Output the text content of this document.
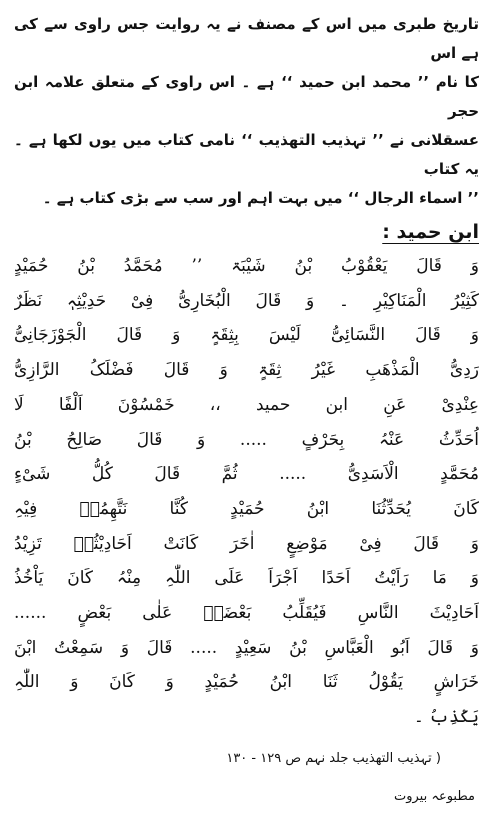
تاریخ طبری میں اس کے مصنف نے یہ روایت جس راوی سے کی ہے اس

کا نام ’’ محمد ابن حمید ‘‘ ہے ۔ اس راوی کے متعلق علامہ ابن حجر

عسقلانی نے ’’ تہذیب التھذیب ‘‘ نامی کتاب میں یوں لکھا ہے ۔ یہ کتاب

’’ اسماء الرجال ‘‘ میں بہت اہم اور سب سے بڑی کتاب ہے ۔

ابن حمید :

وَ قَالَ یَعْقُوْبُ بْنُ شَیْبَۃ ’’ مُحَمَّدُ بْنُ حُمَیْدٍ

کَثِیْرُ الْمَنَاکِیْرِ ۔ وَ قَالَ الْبُخَارِیُّ فِیْ حَدِیْثِہٖ نَظَرٌ

وَ قَالَ النَّسَائِیُّ لَیْسَ بِثِقَۃٍ وَ قَالَ الْجَوْزَجَانِیُّ

رَدِیُّ الْمَذْھَبِ غَیْرُ ثِقَۃٍ وَ قَالَ فَضْلَکُ الرَّازِیُّ

عِنْدِیْ عَنِ ابن حمید ،، خَمْسُوْنَ اَلْفًا لَا

اُحَدِّثُ عَنْہُ بِحَرْفٍ ..... وَ قَالَ صَالِحُ بْنُ

مُحَمَّدٍ الْاَسَدِیُّ ..... ثُمَّ قَالَ کُلُّ شَیْءٍ

کَانَ یُحَدِّثُنَا ابْنُ حُمَیْدٍ کُنَّا نَتَّھِمُہٗ فِیْہِ

وَ قَالَ فِیْ مَوْضِعٍ اٰخَرَ کَانَتْ اَحَادِیْثُہٗ تَزِیْدُ

وَ مَا رَاَیْتُ اَحَدًا اَجْرَاَ عَلَی اللّٰہِ مِنْہُ کَانَ یَاْخُذُ

اَحَادِیْثَ النَّاسِ فَیُقَلِّبُ بَعْضَہٗ عَلٰی بَعْضٍ ......

وَ قَالَ اَبُو الْعَبَّاسِ بْنُ سَعِیْدٍ ..... قَالَ وَ سَمِعْتُ ابْنَ

خَرَاشٍ یَقُوْلُ ثَنَا ابْنُ حُمَیْدٍ وَ کَانَ وَ اللّٰہِ

یَکْذِبُ ۔

( تہذیب التھذیب جلد نہم ص ۱۲۹ - ۱۳۰
مطبوعہ بیروت
